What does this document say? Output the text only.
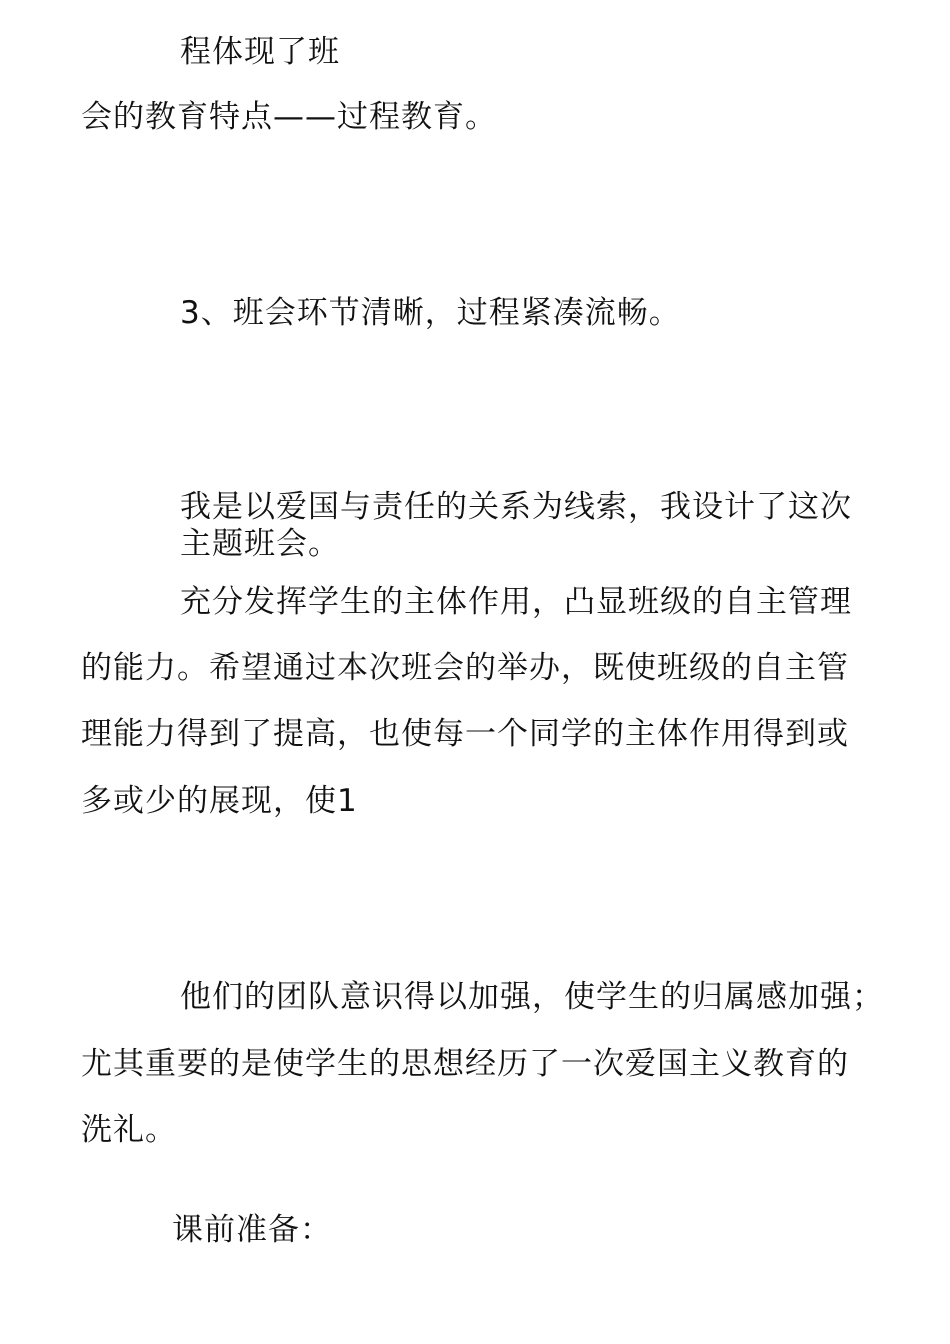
程体现了班
会的教育特点——过程教育。
3、班会环节清晰，过程紧凑流畅。
我是以爱国与责任的关系为线索，我设计了这次
主题班会。
充分发挥学生的主体作用，凸显班级的自主管理
的能力。希望通过本次班会的举办，既使班级的自主管
理能力得到了提高，也使每一个同学的主体作用得到或
多或少的展现，使1
他们的团队意识得以加强，使学生的归属感加强；
尤其重要的是使学生的思想经历了一次爱国主义教育的
洗礼。
课前准备：
